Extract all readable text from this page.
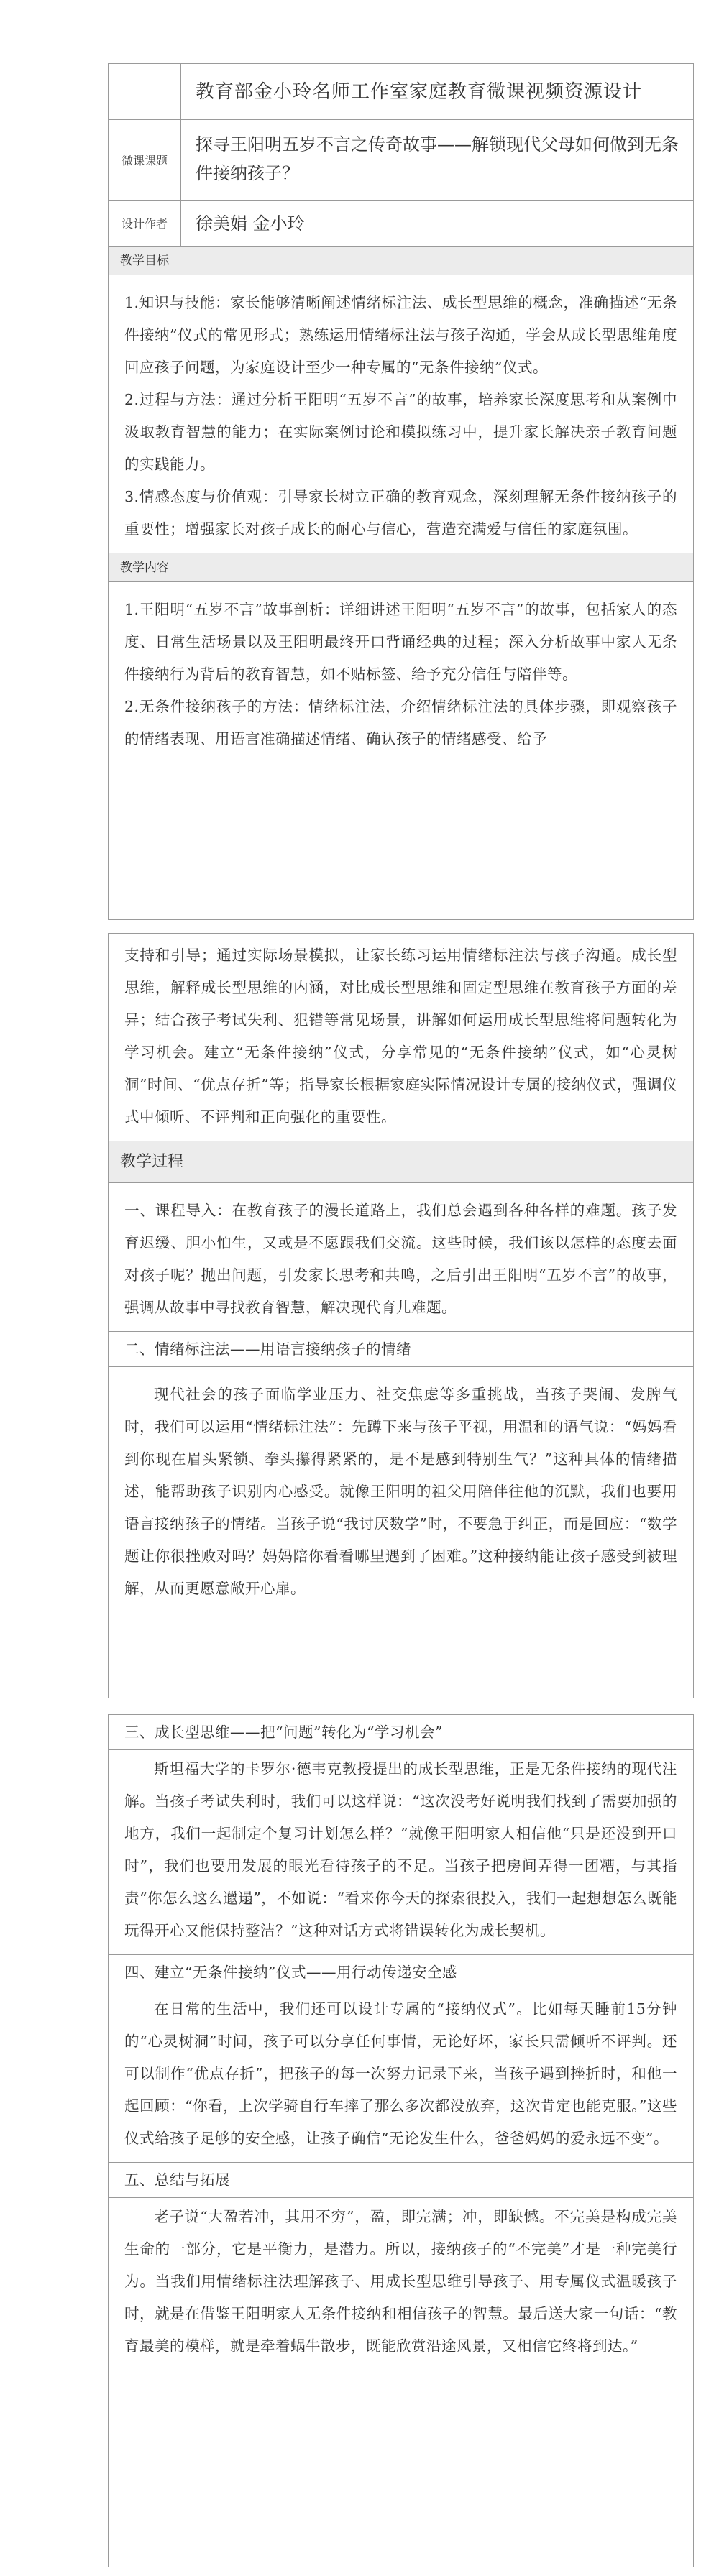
教育部金小玲名师工作室家庭教育微课视频资源设计
微课课题
探寻王阳明五岁不言之传奇故事——解锁现代父母如何做到无条件接纳孩子？
设计作者	徐美娟 金小玲
教学目标

1.知识与技能：家长能够清晰阐述情绪标注法、成长型思维的概念，准确描述“无条件接纳”仪式的常见形式；熟练运用情绪标注法与孩子沟通，学会从成长型思维角度回应孩子问题，为家庭设计至少一种专属的“无条件接纳”仪式。

2.过程与方法：通过分析王阳明“五岁不言”的故事，培养家长深度思考和从案例中汲取教育智慧的能力；在实际案例讨论和模拟练习中，提升家长解决亲子教育问题的实践能力。

3.情感态度与价值观：引导家长树立正确的教育观念，深刻理解无条件接纳孩子的重要性；增强家长对孩子成长的耐心与信心，营造充满爱与信任的家庭氛围。

教学内容

1.王阳明“五岁不言”故事剖析：详细讲述王阳明“五岁不言”的故事，包括家人的态度、日常生活场景以及王阳明最终开口背诵经典的过程；深入分析故事中家人无条件接纳行为背后的教育智慧，如不贴标签、给予充分信任与陪伴等。

2.无条件接纳孩子的方法：情绪标注法，介绍情绪标注法的具体步骤，即观察孩子的情绪表现、用语言准确描述情绪、确认孩子的情绪感受、给予

支持和引导；通过实际场景模拟，让家长练习运用情绪标注法与孩子沟通。成长型思维，解释成长型思维的内涵，对比成长型思维和固定型思维在教育孩子方面的差异；结合孩子考试失利、犯错等常见场景，讲解如何运用成长型思维将问题转化为学习机会。建立“无条件接纳”仪式，分享常见的“无条件接纳”仪式，如“心灵树洞”时间、“优点存折”等；指导家长根据家庭实际情况设计专属的接纳仪式，强调仪式中倾听、不评判和正向强化的重要性。

教学过程

一、课程导入：在教育孩子的漫长道路上，我们总会遇到各种各样的难题。孩子发育迟缓、胆小怕生，又或是不愿跟我们交流。这些时候，我们该以怎样的态度去面对孩子呢？抛出问题，引发家长思考和共鸣，之后引出王阳明“五岁不言”的故事，强调从故事中寻找教育智慧，解决现代育儿难题。

二、情绪标注法——用语言接纳孩子的情绪

现代社会的孩子面临学业压力、社交焦虑等多重挑战，当孩子哭闹、发脾气时，我们可以运用“情绪标注法”：先蹲下来与孩子平视，用温和的语气说：“妈妈看到你现在眉头紧锁、拳头攥得紧紧的，是不是感到特别生气？”这种具体的情绪描述，能帮助孩子识别内心感受。就像王阳明的祖父用陪伴往他的沉默，我们也要用语言接纳孩子的情绪。当孩子说“我讨厌数学”时，不要急于纠正，而是回应：“数学题让你很挫败对吗？妈妈陪你看看哪里遇到了困难。”这种接纳能让孩子感受到被理解，从而更愿意敞开心扉。

三、成长型思维——把“问题”转化为“学习机会”

斯坦福大学的卡罗尔·德韦克教授提出的成长型思维，正是无条件接纳的现代注解。当孩子考试失利时，我们可以这样说：“这次没考好说明我们找到了需要加强的地方，我们一起制定个复习计划怎么样？”就像王阳明家人相信他“只是还没到开口时”，我们也要用发展的眼光看待孩子的不足。当孩子把房间弄得一团糟，与其指责“你怎么这么邋遢”，不如说：“看来你今天的探索很投入，我们一起想想怎么既能玩得开心又能保持整洁？”这种对话方式将错误转化为成长契机。

四、建立“无条件接纳”仪式——用行动传递安全感

在日常的生活中，我们还可以设计专属的“接纳仪式”。比如每天睡前15分钟的“心灵树洞”时间，孩子可以分享任何事情，无论好坏，家长只需倾听不评判。还可以制作“优点存折”，把孩子的每一次努力记录下来，当孩子遇到挫折时，和他一起回顾：“你看，上次学骑自行车摔了那么多次都没放弃，这次肯定也能克服。”这些仪式给孩子足够的安全感，让孩子确信“无论发生什么，爸爸妈妈的爱永远不变”。

五、总结与拓展

老子说“大盈若冲，其用不穷”，盈，即完满；冲，即缺憾。不完美是构成完美生命的一部分，它是平衡力，是潜力。所以，接纳孩子的“不完美”才是一种完美行为。当我们用情绪标注法理解孩子、用成长型思维引导孩子、用专属仪式温暖孩子时，就是在借鉴王阳明家人无条件接纳和相信孩子的智慧。最后送大家一句话：“教育最美的模样，就是牵着蜗牛散步，既能欣赏沿途风景，又相信它终将到达。”
